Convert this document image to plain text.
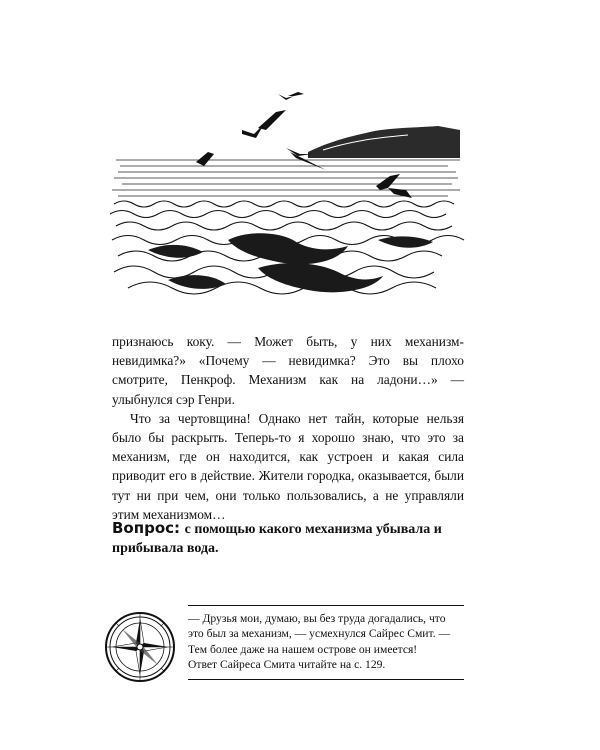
признаюсь коку. — Может быть, у них механизм-невидимка?» «Почему — невидимка? Это вы плохо смотрите, Пенкроф. Механизм как на ладони…» — улыбнулся сэр Генри.

Что за чертовщина! Однако нет тайн, которые нельзя было бы раскрыть. Теперь-то я хорошо знаю, что это за механизм, где он находится, как устроен и какая сила приводит его в действие. Жители городка, оказывается, были тут ни при чем, они только пользовались, а не управляли этим механизмом…

Вопрос: с помощью какого механизма убывала и прибывала вода.
— Друзья мои, думаю, вы без труда догадались, что
это был за механизм, — усмехнулся Сайрес Смит. —
Тем более даже на нашем острове он имеется!
Ответ Сайреса Смита читайте на с. 129.
